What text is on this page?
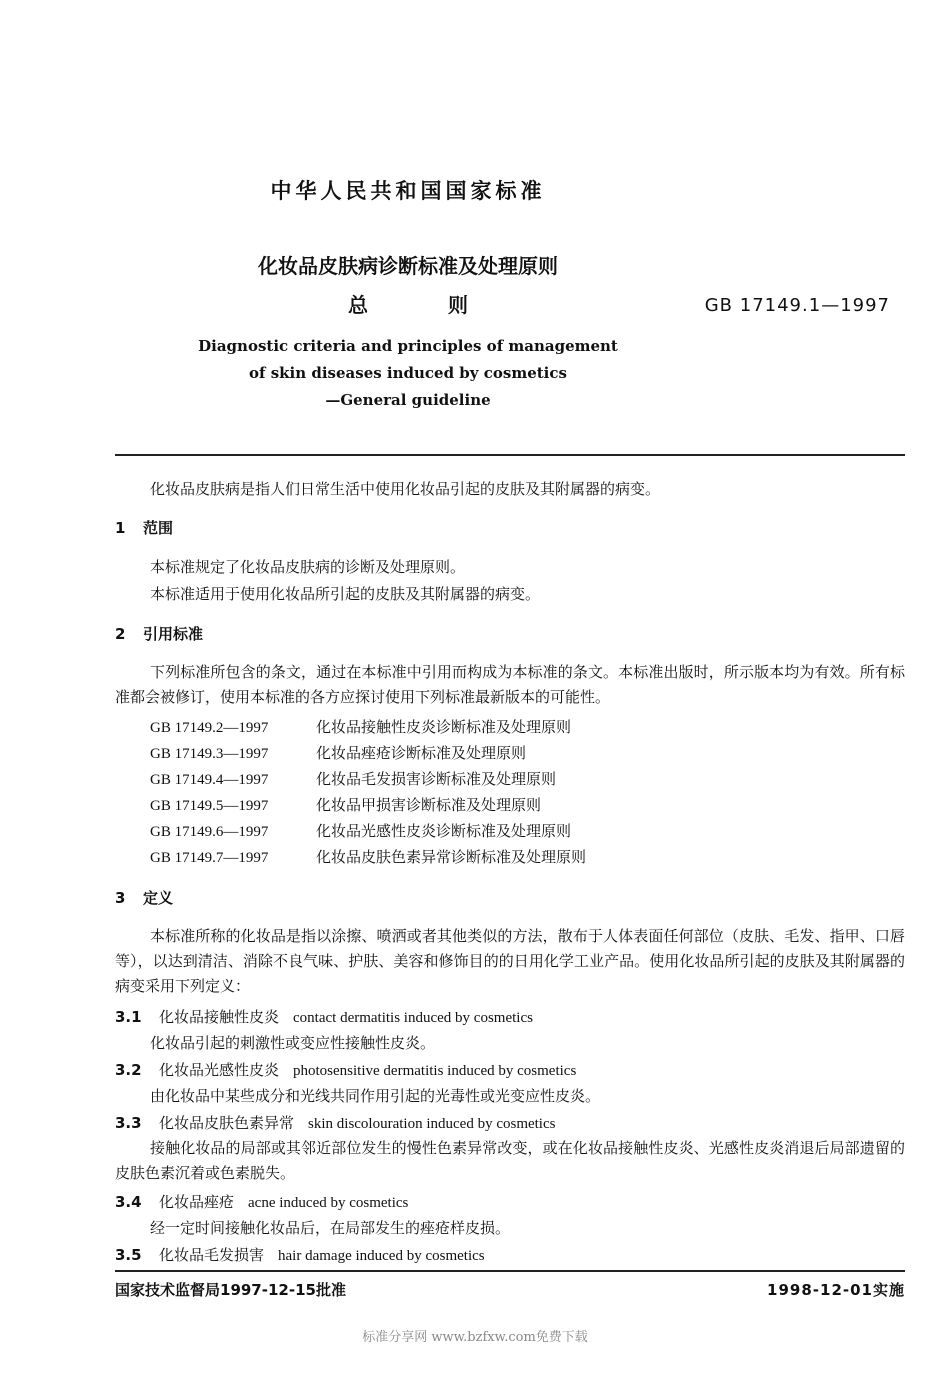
中华人民共和国国家标准
化妆品皮肤病诊断标准及处理原则
总　　　　则	GB 17149.1—1997
Diagnostic criteria and principles of management
of skin diseases induced by cosmetics
—General guideline
化妆品皮肤病是指人们日常生活中使用化妆品引起的皮肤及其附属器的病变。
1 范围
本标准规定了化妆品皮肤病的诊断及处理原则。
本标准适用于使用化妆品所引起的皮肤及其附属器的病变。
2 引用标准
下列标准所包含的条文，通过在本标准中引用而构成为本标准的条文。本标准出版时，所示版本均为有效。所有标准都会被修订，使用本标准的各方应探讨使用下列标准最新版本的可能性。
GB 17149.2—1997	化妆品接触性皮炎诊断标准及处理原则
GB 17149.3—1997	化妆品痤疮诊断标准及处理原则
GB 17149.4—1997	化妆品毛发损害诊断标准及处理原则
GB 17149.5—1997	化妆品甲损害诊断标准及处理原则
GB 17149.6—1997	化妆品光感性皮炎诊断标准及处理原则
GB 17149.7—1997	化妆品皮肤色素异常诊断标准及处理原则
3 定义
本标准所称的化妆品是指以涂擦、喷洒或者其他类似的方法，散布于人体表面任何部位（皮肤、毛发、指甲、口唇等），以达到清洁、消除不良气味、护肤、美容和修饰目的的日用化学工业产品。使用化妆品所引起的皮肤及其附属器的病变采用下列定义：
3.1 化妆品接触性皮炎 contact dermatitis induced by cosmetics
化妆品引起的刺激性或变应性接触性皮炎。
3.2 化妆品光感性皮炎 photosensitive dermatitis induced by cosmetics
由化妆品中某些成分和光线共同作用引起的光毒性或光变应性皮炎。
3.3 化妆品皮肤色素异常 skin discolouration induced by cosmetics
接触化妆品的局部或其邻近部位发生的慢性色素异常改变，或在化妆品接触性皮炎、光感性皮炎消退后局部遗留的皮肤色素沉着或色素脱失。
3.4 化妆品痤疮 acne induced by cosmetics
经一定时间接触化妆品后，在局部发生的痤疮样皮损。
3.5 化妆品毛发损害 hair damage induced by cosmetics
国家技术监督局1997-12-15批准	1998-12-01实施
标准分享网 www.bzfxw.com免费下载
